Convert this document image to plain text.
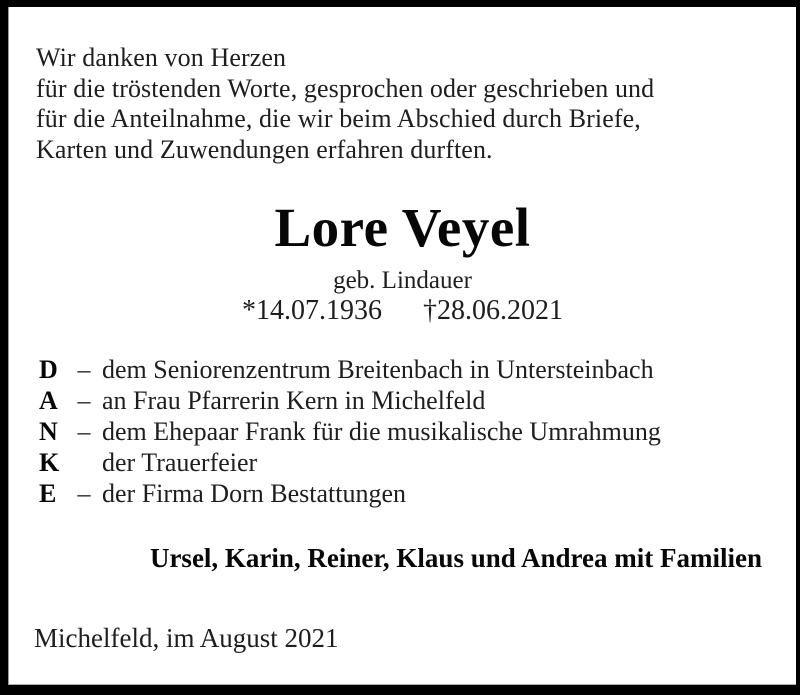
Wir danken von Herzen
für die tröstenden Worte, gesprochen oder geschrieben und
für die Anteilnahme, die wir beim Abschied durch Briefe,
Karten und Zuwendungen erfahren durften.
Lore Veyel
geb. Lindauer
*14.07.1936 †28.06.2021
D – dem Seniorenzentrum Breitenbach in Untersteinbach
A – an Frau Pfarrerin Kern in Michelfeld
N – dem Ehepaar Frank für die musikalische Umrahmung
K der Trauerfeier
E – der Firma Dorn Bestattungen
Ursel, Karin, Reiner, Klaus und Andrea mit Familien
Michelfeld, im August 2021
